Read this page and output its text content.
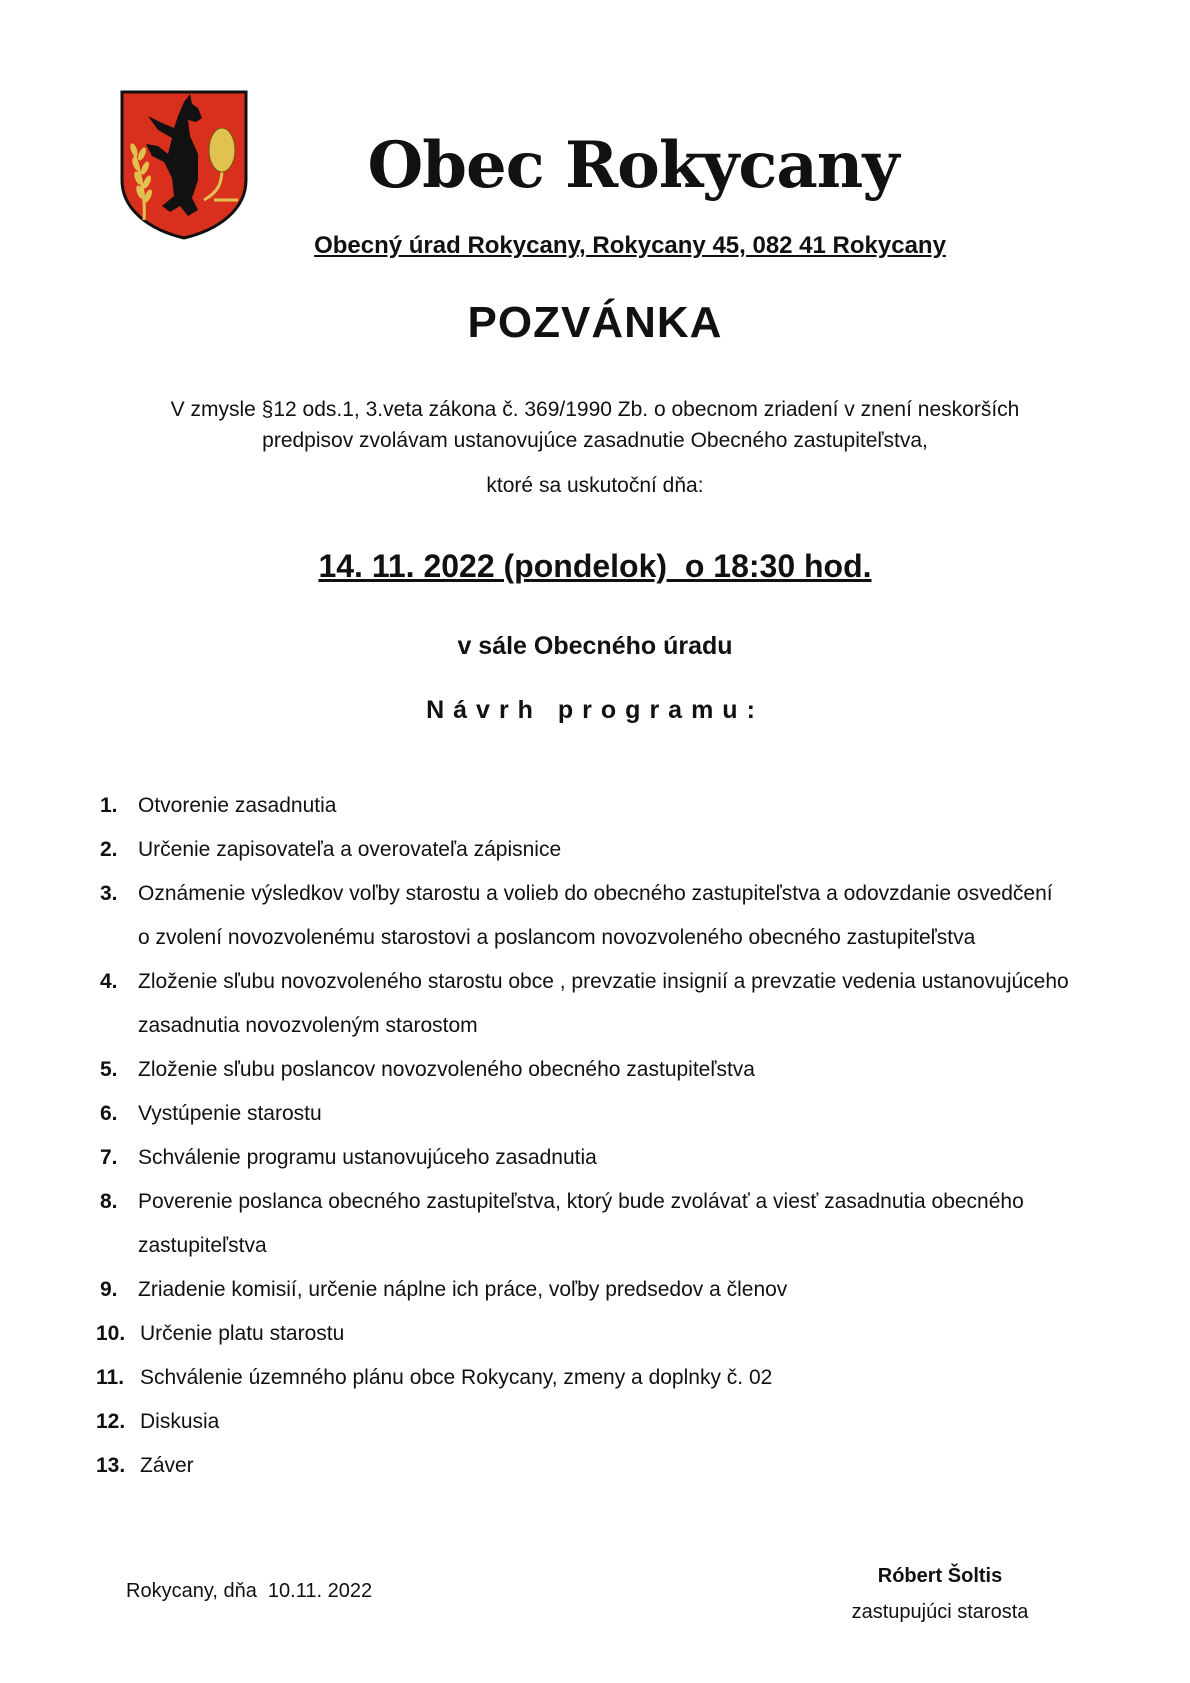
Obec Rokycany
Obecný úrad Rokycany, Rokycany 45, 082 41 Rokycany
POZVÁNKA
V zmysle §12 ods.1, 3.veta zákona č. 369/1990 Zb. o obecnom zriadení v znení neskorších
predpisov zvolávam ustanovujúce zasadnutie Obecného zastupiteľstva,
ktoré sa uskutoční dňa:
14. 11. 2022 (pondelok)  o 18:30 hod.
v sále Obecného úradu
Návrh programu:
1. Otvorenie zasadnutia
2. Určenie zapisovateľa a overovateľa zápisnice
3. Oznámenie výsledkov voľby starostu a volieb do obecného zastupiteľstva a odovzdanie osvedčení
o zvolení novozvolenému starostovi a poslancom novozvoleného obecného zastupiteľstva
4. Zloženie sľubu novozvoleného starostu obce , prevzatie insignií a prevzatie vedenia ustanovujúceho
zasadnutia novozvoleným starostom
5. Zloženie sľubu poslancov novozvoleného obecného zastupiteľstva
6. Vystúpenie starostu
7. Schválenie programu ustanovujúceho zasadnutia
8. Poverenie poslanca obecného zastupiteľstva, ktorý bude zvolávať a viesť zasadnutia obecného
zastupiteľstva
9. Zriadenie komisií, určenie náplne ich práce, voľby predsedov a členov
10. Určenie platu starostu
11. Schválenie územného plánu obce Rokycany, zmeny a doplnky č. 02
12. Diskusia
13. Záver
Rokycany, dňa  10.11. 2022
Róbert Šoltis
zastupujúci starosta
